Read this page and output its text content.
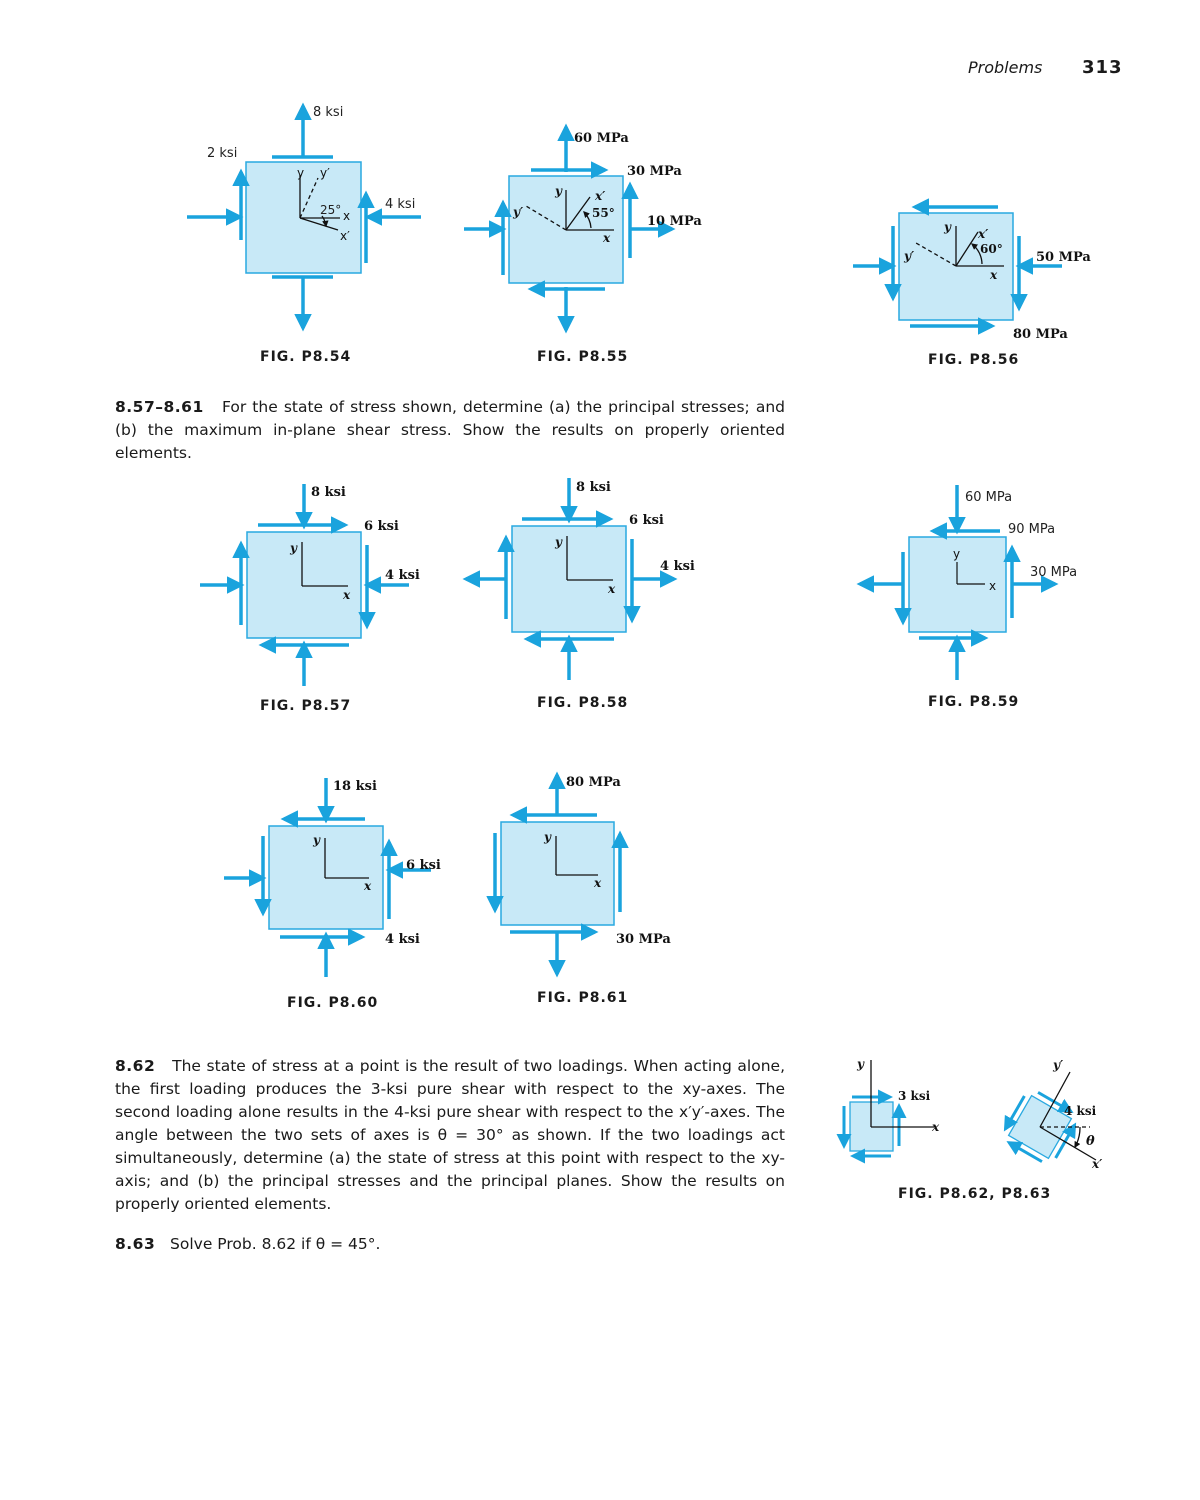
Problems 313
8 ksi
2 ksi
4 ksi
25°
y y′
x
x′
FIG. P8.54
60 MPa
30 MPa
10 MPa
55°
y	x′
y′
x
FIG. P8.55
50 MPa
80 MPa
60°
y x′
y′
x
FIG. P8.56
8.57–8.61 For the state of stress shown, determine (a) the principal stresses; and (b) the maximum in-plane shear stress. Show the results on properly oriented elements.
8 ksi
6 ksi
4 ksi
y
x
FIG. P8.57
8 ksi
6 ksi
4 ksi
y
x
FIG. P8.58
60 MPa
90 MPa
30 MPa
y
x
FIG. P8.59
18 ksi
6 ksi
4 ksi
y
x
FIG. P8.60
80 MPa
30 MPa
y
x
FIG. P8.61
8.62 The state of stress at a point is the result of two loadings. When acting alone, the first loading produces the 3-ksi pure shear with respect to the xy-axes. The second loading alone results in the 4-ksi pure shear with respect to the x′y′-axes. The angle between the two sets of axes is θ = 30° as shown. If the two loadings act simultaneously, determine (a) the state of stress at this point with respect to the xy-axis; and (b) the principal stresses and the principal planes. Show the results on properly oriented elements.
8.63 Solve Prob. 8.62 if θ = 45°.
3 ksi
y
x
4 ksi
θ
y′
x′
FIG. P8.62, P8.63
